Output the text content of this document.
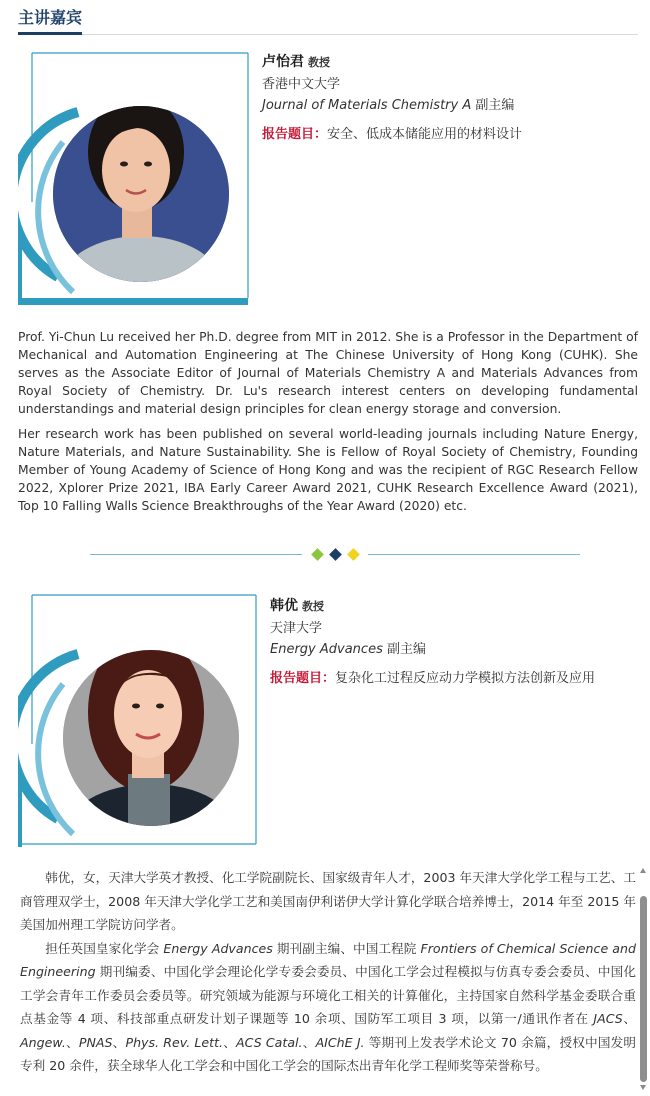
主讲嘉宾
卢怡君 教授
香港中文大学
Journal of Materials Chemistry A 副主编
报告题目：安全、低成本储能应用的材料设计

Prof. Yi-Chun Lu received her Ph.D. degree from MIT in 2012. She is a Professor in the Department of Mechanical and Automation Engineering at The Chinese University of Hong Kong (CUHK). She serves as the Associate Editor of Journal of Materials Chemistry A and Materials Advances from Royal Society of Chemistry. Dr. Lu's research interest centers on developing fundamental understandings and material design principles for clean energy storage and conversion.

Her research work has been published on several world-leading journals including Nature Energy, Nature Materials, and Nature Sustainability. She is Fellow of Royal Society of Chemistry, Founding Member of Young Academy of Science of Hong Kong and was the recipient of RGC Research Fellow 2022, Xplorer Prize 2021, IBA Early Career Award 2021, CUHK Research Excellence Award (2021), Top 10 Falling Walls Science Breakthroughs of the Year Award (2020) etc.

韩优 教授
天津大学
Energy Advances 副主编
报告题目：复杂化工过程反应动力学模拟方法创新及应用

韩优，女，天津大学英才教授、化工学院副院长、国家级青年人才，2003 年天津大学化学工程与工艺、工商管理双学士，2008 年天津大学化学工艺和美国南伊利诺伊大学计算化学联合培养博士，2014 年至 2015 年美国加州理工学院访问学者。

担任英国皇家化学会 Energy Advances 期刊副主编、中国工程院 Frontiers of Chemical Science and Engineering 期刊编委、中国化学会理论化学专委会委员、中国化工学会过程模拟与仿真专委会委员、中国化工学会青年工作委员会委员等。研究领域为能源与环境化工相关的计算催化，主持国家自然科学基金委联合重点基金等 4 项、科技部重点研发计划子课题等 10 余项、国防军工项目 3 项，以第一/通讯作者在 JACS、Angew.、PNAS、Phys. Rev. Lett.、ACS Catal.、AIChE J. 等期刊上发表学术论文 70 余篇，授权中国发明专利 20 余件，获全球华人化工学会和中国化工学会的国际杰出青年化学工程师奖等荣誉称号。
